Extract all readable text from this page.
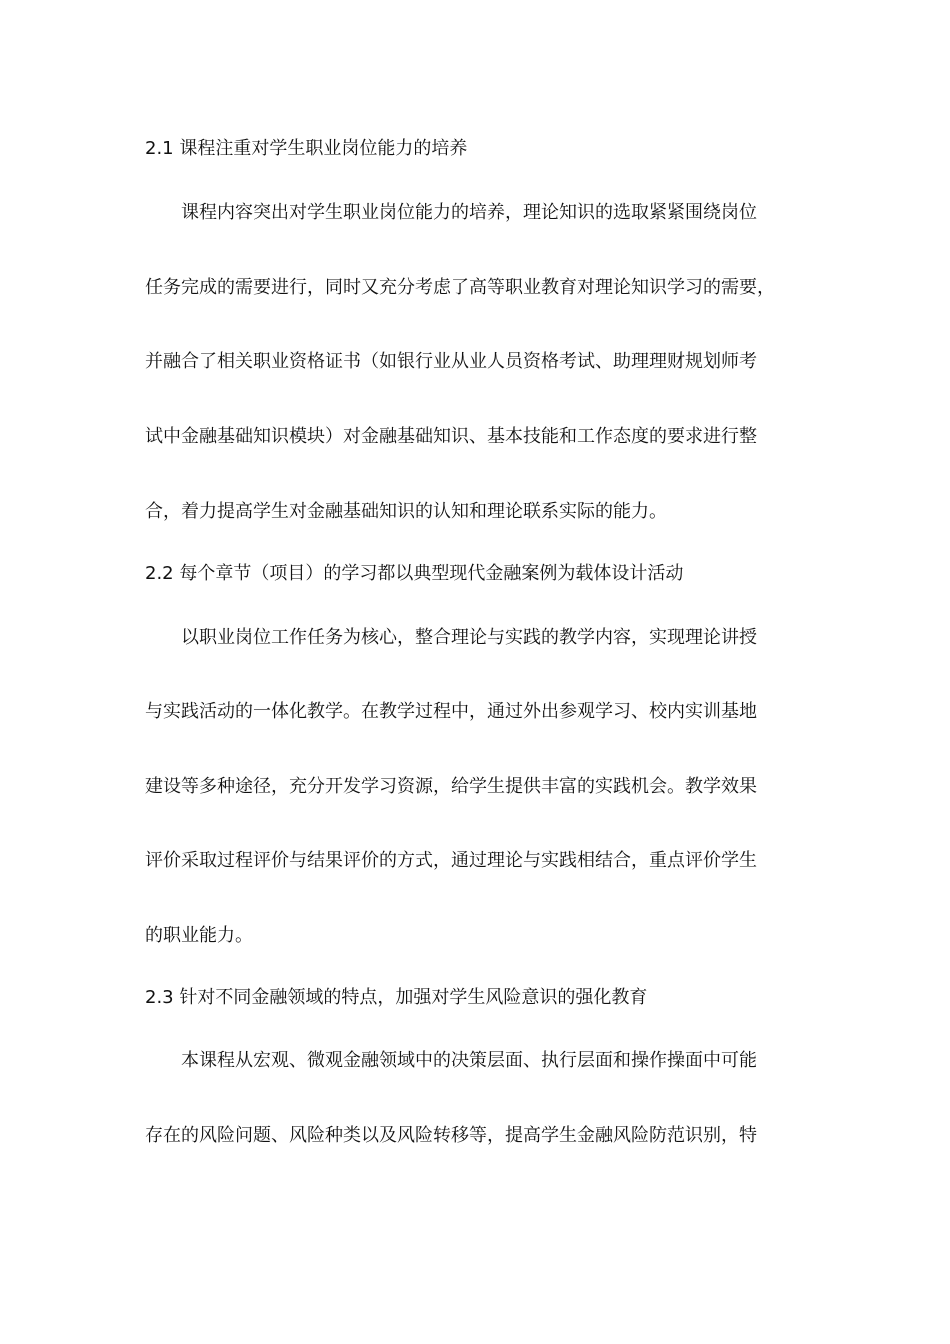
2.1 课程注重对学生职业岗位能力的培养
课程内容突出对学生职业岗位能力的培养，理论知识的选取紧紧围绕岗位
任务完成的需要进行，同时又充分考虑了高等职业教育对理论知识学习的需要，
并融合了相关职业资格证书（如银行业从业人员资格考试、助理理财规划师考
试中金融基础知识模块）对金融基础知识、基本技能和工作态度的要求进行整
合，着力提高学生对金融基础知识的认知和理论联系实际的能力。
2.2 每个章节（项目）的学习都以典型现代金融案例为载体设计活动
以职业岗位工作任务为核心，整合理论与实践的教学内容，实现理论讲授
与实践活动的一体化教学。在教学过程中，通过外出参观学习、校内实训基地
建设等多种途径，充分开发学习资源，给学生提供丰富的实践机会。教学效果
评价采取过程评价与结果评价的方式，通过理论与实践相结合，重点评价学生
的职业能力。
2.3 针对不同金融领域的特点，加强对学生风险意识的强化教育
本课程从宏观、微观金融领域中的决策层面、执行层面和操作操面中可能
存在的风险问题、风险种类以及风险转移等，提高学生金融风险防范识别，特
